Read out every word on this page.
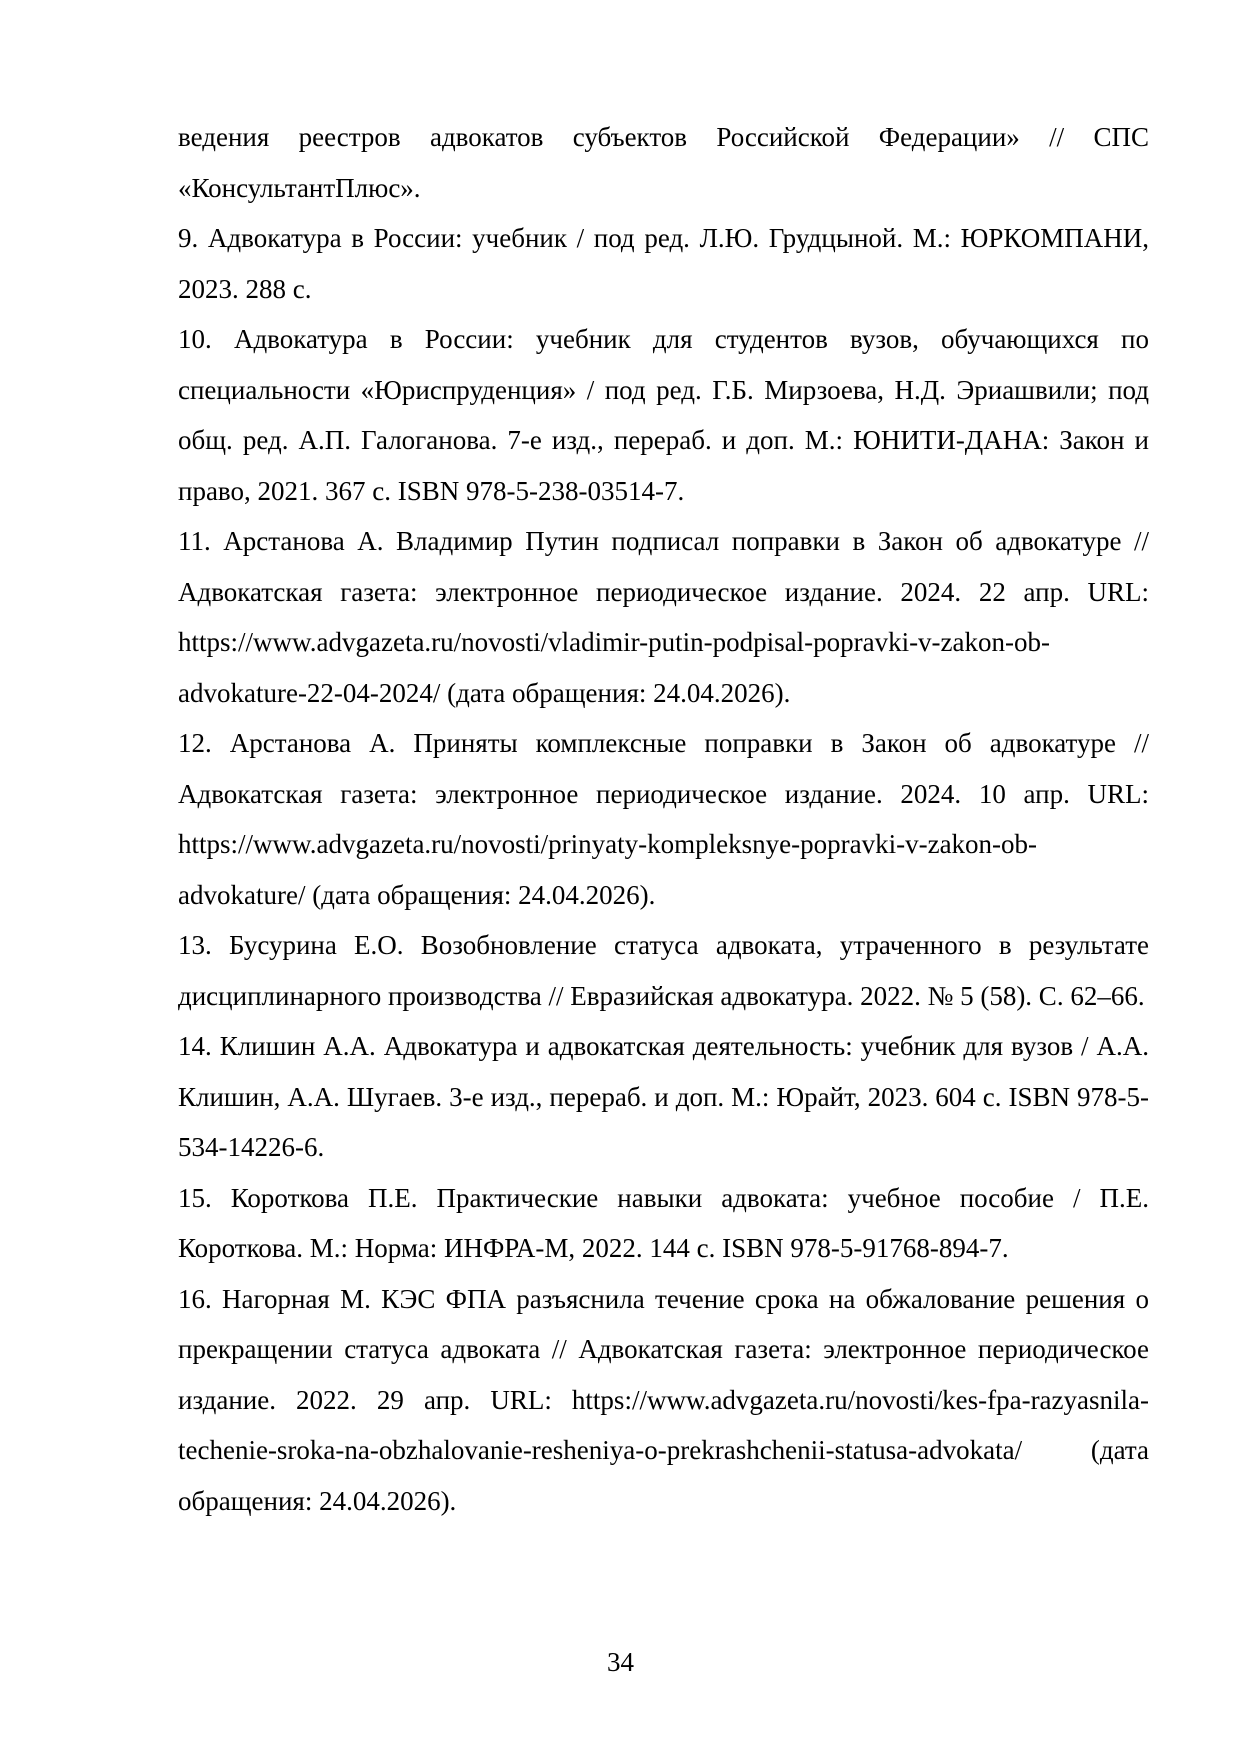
ведения реестров адвокатов субъектов Российской Федерации» // СПС «КонсультантПлюс».

9. Адвокатура в России: учебник / под ред. Л.Ю. Грудцыной. М.: ЮРКОМПАНИ, 2023. 288 с.

10. Адвокатура в России: учебник для студентов вузов, обучающихся по специальности «Юриспруденция» / под ред. Г.Б. Мирзоева, Н.Д. Эриашвили; под общ. ред. А.П. Галоганова. 7-е изд., перераб. и доп. М.: ЮНИТИ-ДАНА: Закон и право, 2021. 367 с. ISBN 978-5-238-03514-7.

11. Арстанова А. Владимир Путин подписал поправки в Закон об адвокатуре // Адвокатская газета: электронное периодическое издание. 2024. 22 апр. URL: https://www.advgazeta.ru/novosti/vladimir-putin-podpisal-popravki-v-zakon-ob-advokature-22-04-2024/ (дата обращения: 24.04.2026).

12. Арстанова А. Приняты комплексные поправки в Закон об адвокатуре // Адвокатская газета: электронное периодическое издание. 2024. 10 апр. URL: https://www.advgazeta.ru/novosti/prinyaty-kompleksnye-popravki-v-zakon-ob-advokature/ (дата обращения: 24.04.2026).

13. Бусурина Е.О. Возобновление статуса адвоката, утраченного в результате дисциплинарного производства // Евразийская адвокатура. 2022. № 5 (58). С. 62–66.

14. Клишин А.А. Адвокатура и адвокатская деятельность: учебник для вузов / А.А. Клишин, А.А. Шугаев. 3-е изд., перераб. и доп. М.: Юрайт, 2023. 604 с. ISBN 978-5-534-14226-6.

15. Короткова П.Е. Практические навыки адвоката: учебное пособие / П.Е. Короткова. М.: Норма: ИНФРА-М, 2022. 144 с. ISBN 978-5-91768-894-7.

16. Нагорная М. КЭС ФПА разъяснила течение срока на обжалование решения о прекращении статуса адвоката // Адвокатская газета: электронное периодическое издание. 2022. 29 апр. URL: https://www.advgazeta.ru/novosti/kes-fpa-razyasnila-techenie-sroka-na-obzhalovanie-resheniya-o-prekrashchenii-statusa-advokata/ (дата обращения: 24.04.2026).

34
